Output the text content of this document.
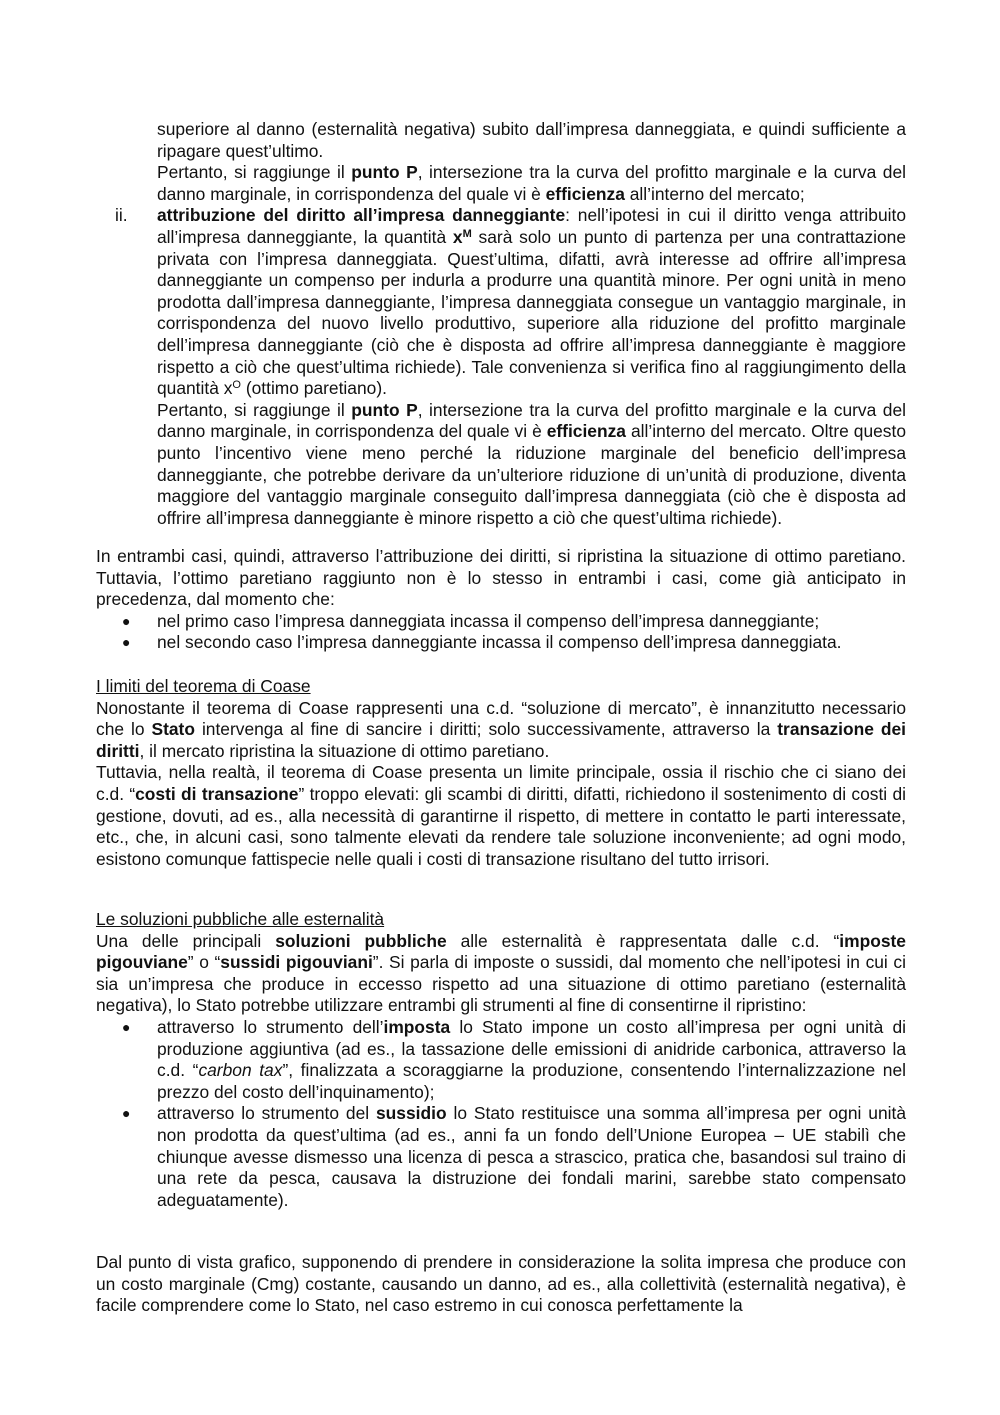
superiore al danno (esternalità negativa) subito dall’impresa danneggiata, e quindi sufficiente a ripagare quest’ultimo.

Pertanto, si raggiunge il punto P, intersezione tra la curva del profitto marginale e la curva del danno marginale, in corrispondenza del quale vi è efficienza all’interno del mercato;

ii. attribuzione del diritto all’impresa danneggiante: nell’ipotesi in cui il diritto venga attribuito all’impresa danneggiante, la quantità $x^M$ sarà solo un punto di partenza per una contrattazione privata con l’impresa danneggiata. Quest’ultima, difatti, avrà interesse ad offrire all’impresa danneggiante un compenso per indurla a produrre una quantità minore. Per ogni unità in meno prodotta dall’impresa danneggiante, l’impresa danneggiata consegue un vantaggio marginale, in corrispondenza del nuovo livello produttivo, superiore alla riduzione del profitto marginale dell’impresa danneggiante (ciò che è disposta ad offrire all’impresa danneggiante è maggiore rispetto a ciò che quest’ultima richiede). Tale convenienza si verifica fino al raggiungimento della quantità $x^O$ (ottimo paretiano).

Pertanto, si raggiunge il punto P, intersezione tra la curva del profitto marginale e la curva del danno marginale, in corrispondenza del quale vi è efficienza all’interno del mercato. Oltre questo punto l’incentivo viene meno perché la riduzione marginale del beneficio dell’impresa danneggiante, che potrebbe derivare da un’ulteriore riduzione di un’unità di produzione, diventa maggiore del vantaggio marginale conseguito dall’impresa danneggiata (ciò che è disposta ad offrire all’impresa danneggiante è minore rispetto a ciò che quest’ultima richiede).

In entrambi casi, quindi, attraverso l’attribuzione dei diritti, si ripristina la situazione di ottimo paretiano. Tuttavia, l’ottimo paretiano raggiunto non è lo stesso in entrambi i casi, come già anticipato in precedenza, dal momento che:

● nel primo caso l’impresa danneggiata incassa il compenso dell’impresa danneggiante;
● nel secondo caso l’impresa danneggiante incassa il compenso dell’impresa danneggiata.

I limiti del teorema di Coase

Nonostante il teorema di Coase rappresenti una c.d. “soluzione di mercato”, è innanzitutto necessario che lo Stato intervenga al fine di sancire i diritti; solo successivamente, attraverso la transazione dei diritti, il mercato ripristina la situazione di ottimo paretiano.

Tuttavia, nella realtà, il teorema di Coase presenta un limite principale, ossia il rischio che ci siano dei c.d. “costi di transazione” troppo elevati: gli scambi di diritti, difatti, richiedono il sostenimento di costi di gestione, dovuti, ad es., alla necessità di garantirne il rispetto, di mettere in contatto le parti interessate, etc., che, in alcuni casi, sono talmente elevati da rendere tale soluzione inconveniente; ad ogni modo, esistono comunque fattispecie nelle quali i costi di transazione risultano del tutto irrisori.

Le soluzioni pubbliche alle esternalità

Una delle principali soluzioni pubbliche alle esternalità è rappresentata dalle c.d. “imposte pigouviane” o “sussidi pigouviani”. Si parla di imposte o sussidi, dal momento che nell’ipotesi in cui ci sia un’impresa che produce in eccesso rispetto ad una situazione di ottimo paretiano (esternalità negativa), lo Stato potrebbe utilizzare entrambi gli strumenti al fine di consentirne il ripristino:

● attraverso lo strumento dell’imposta lo Stato impone un costo all’impresa per ogni unità di produzione aggiuntiva (ad es., la tassazione delle emissioni di anidride carbonica, attraverso la c.d. “carbon tax”, finalizzata a scoraggiarne la produzione, consentendo l’internalizzazione nel prezzo del costo dell’inquinamento);

● attraverso lo strumento del sussidio lo Stato restituisce una somma all’impresa per ogni unità non prodotta da quest’ultima (ad es., anni fa un fondo dell’Unione Europea – UE stabilì che chiunque avesse dismesso una licenza di pesca a strascico, pratica che, basandosi sul traino di una rete da pesca, causava la distruzione dei fondali marini, sarebbe stato compensato adeguatamente).

Dal punto di vista grafico, supponendo di prendere in considerazione la solita impresa che produce con un costo marginale (Cmg) costante, causando un danno, ad es., alla collettività (esternalità negativa), è facile comprendere come lo Stato, nel caso estremo in cui conosca perfettamente la
